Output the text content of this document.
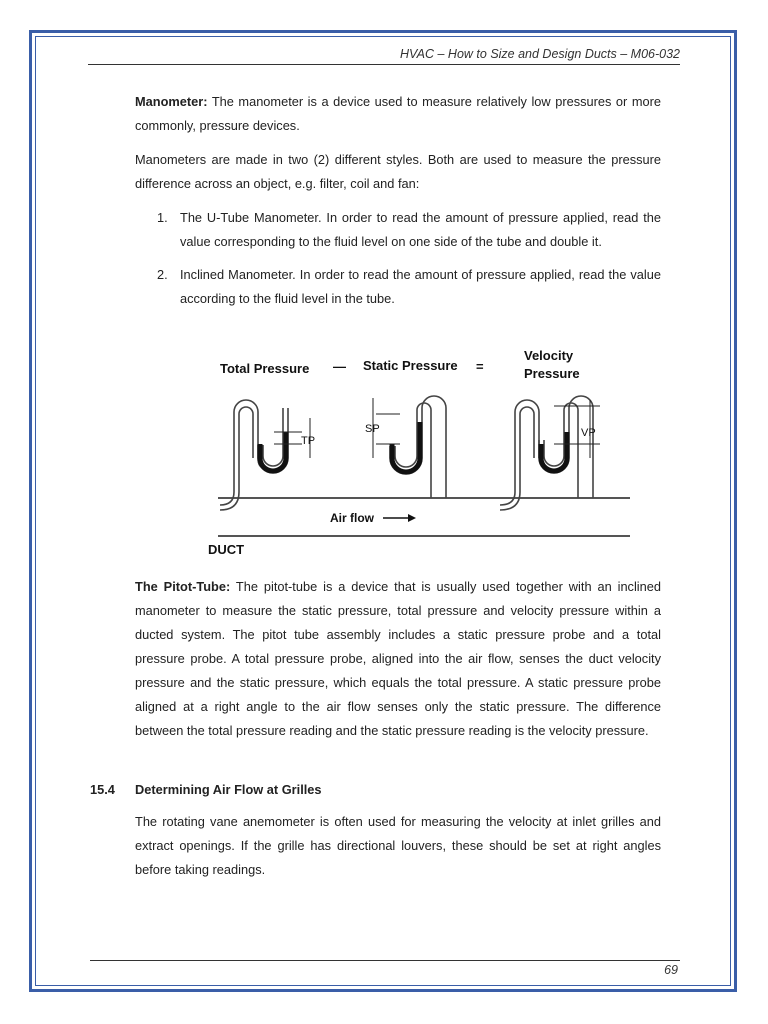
HVAC – How to Size and Design Ducts – M06-032

Manometer: The manometer is a device used to measure relatively low pressures or more commonly, pressure devices.

Manometers are made in two (2) different styles. Both are used to measure the pressure difference across an object, e.g. filter, coil and fan:

1. The U-Tube Manometer. In order to read the amount of pressure applied, read the value corresponding to the fluid level on one side of the tube and double it.
2. Inclined Manometer. In order to read the amount of pressure applied, read the value according to the fluid level in the tube.
Total Pressure — Static Pressure =
Velocity
Pressure
TP
SP	VP
Air flow
DUCT

The Pitot-Tube: The pitot-tube is a device that is usually used together with an inclined manometer to measure the static pressure, total pressure and velocity pressure within a ducted system. The pitot tube assembly includes a static pressure probe and a total pressure probe. A total pressure probe, aligned into the air flow, senses the duct velocity pressure and the static pressure, which equals the total pressure. A static pressure probe aligned at a right angle to the air flow senses only the static pressure. The difference between the total pressure reading and the static pressure reading is the velocity pressure.

15.4 Determining Air Flow at Grilles

The rotating vane anemometer is often used for measuring the velocity at inlet grilles and extract openings. If the grille has directional louvers, these should be set at right angles before taking readings.

69
